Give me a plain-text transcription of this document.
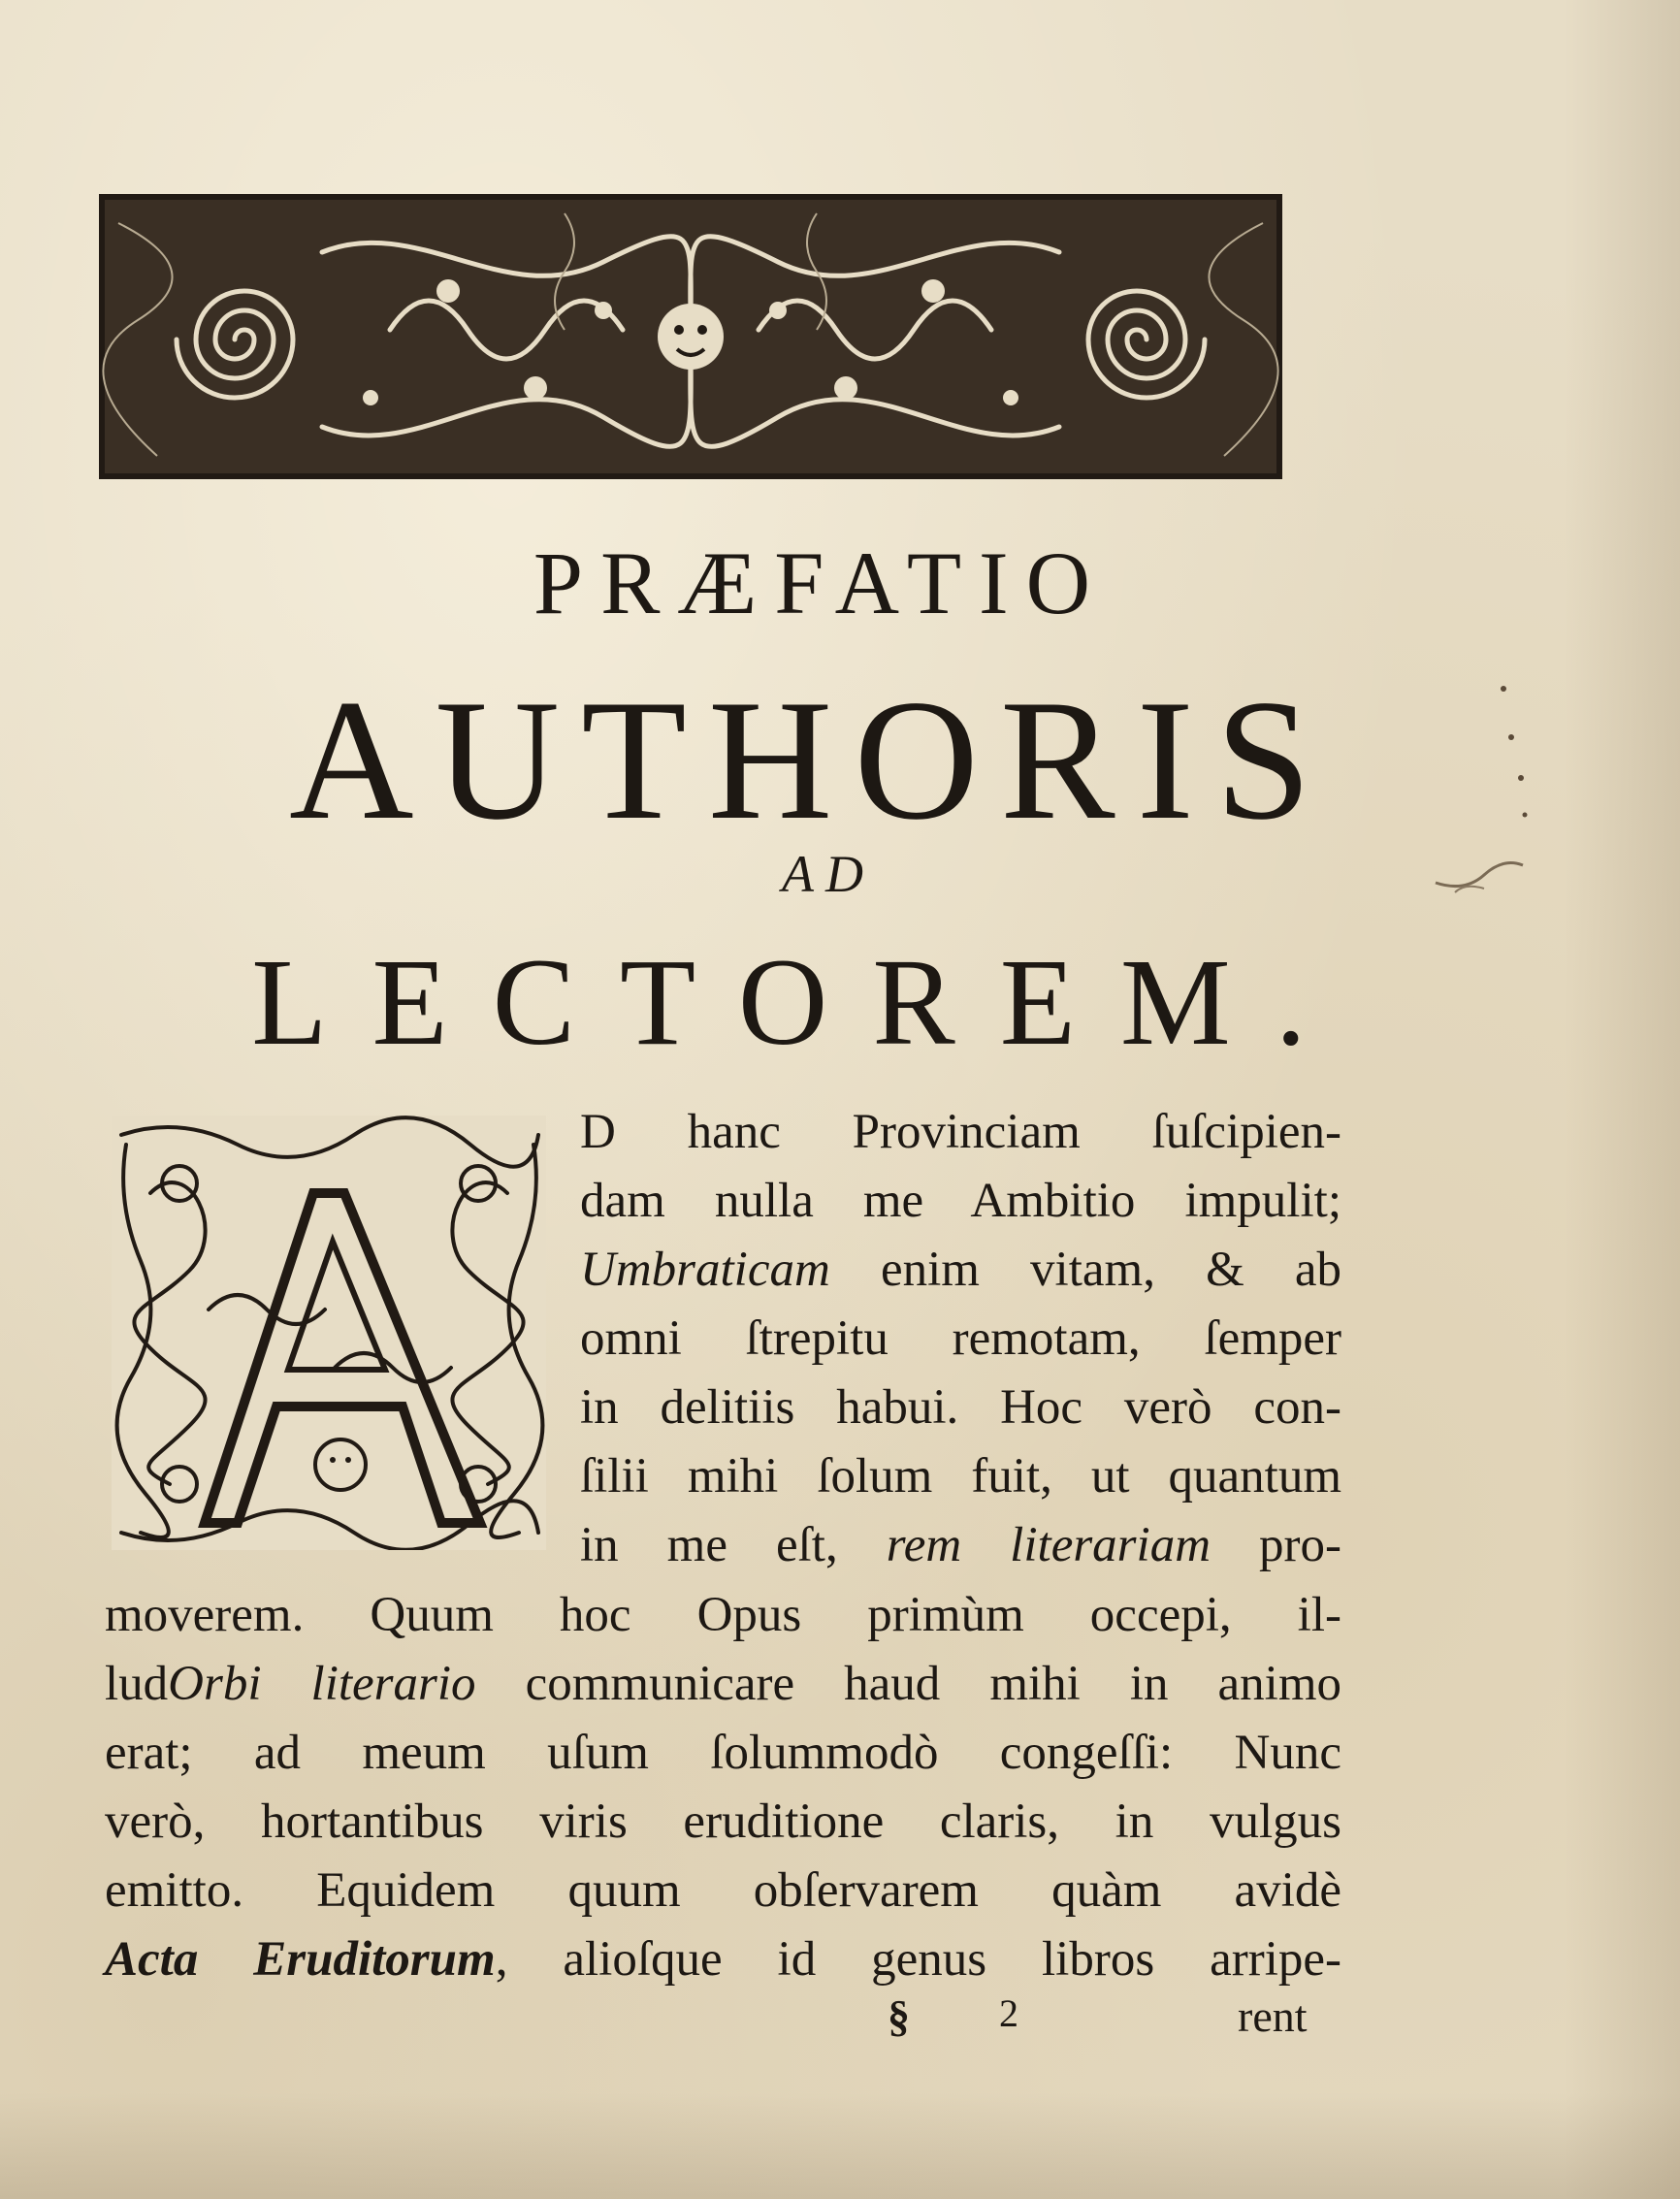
PRÆFATIO
AUTHORIS
AD
LECTOREM.
D hanc Provinciam ſuſcipien-
dam nulla me Ambitio impulit;
Umbraticam enim vitam, & ab
omni ſtrepitu remotam, ſemper
in delitiis habui. Hoc verò con-
ſilii mihi ſolum fuit, ut quantum
in me eſt, rem literariam pro-
moverem. Quum hoc Opus primùm occepi, il-
ludOrbi literario communicare haud mihi in animo
erat; ad meum uſum ſolummodò congeſſi: Nunc
verò, hortantibus viris eruditione claris, in vulgus
emitto. Equidem quum obſervarem quàm avidè
Acta Eruditorum, alioſque id genus libros arripe-
§ 2	rent
